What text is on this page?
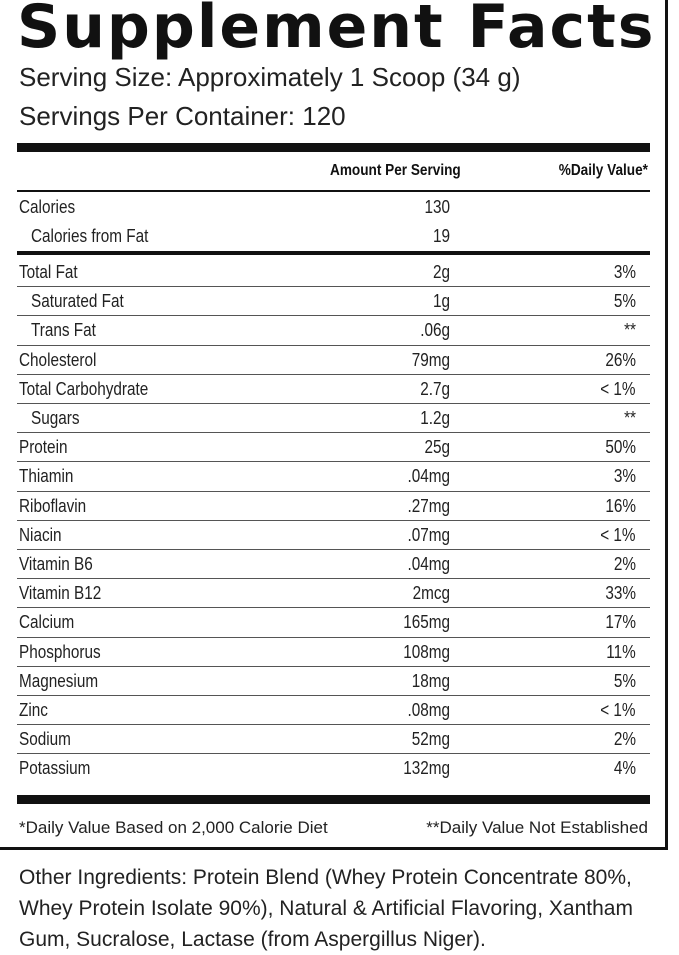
Supplement Facts
Serving Size: Approximately 1 Scoop (34 g)
Servings Per Container: 120
Amount Per Serving	%Daily Value*
Calories	130
Calories from Fat	19
Total Fat	2g	3%
Saturated Fat	1g	5%
Trans Fat	.06g	**
Cholesterol	79mg	26%
Total Carbohydrate	2.7g	< 1%
Sugars	1.2g	**
Protein	25g	50%
Thiamin	.04mg	3%
Riboflavin	.27mg	16%
Niacin	.07mg	< 1%
Vitamin B6	.04mg	2%
Vitamin B12	2mcg	33%
Calcium	165mg	17%
Phosphorus	108mg	11%
Magnesium	18mg	5%
Zinc	.08mg	< 1%
Sodium	52mg	2%
Potassium	132mg	4%
*Daily Value Based on 2,000 Calorie Diet	**Daily Value Not Established
Other Ingredients: Protein Blend (Whey Protein Concentrate 80%, Whey Protein Isolate 90%), Natural & Artificial Flavoring, Xantham Gum, Sucralose, Lactase (from Aspergillus Niger).
